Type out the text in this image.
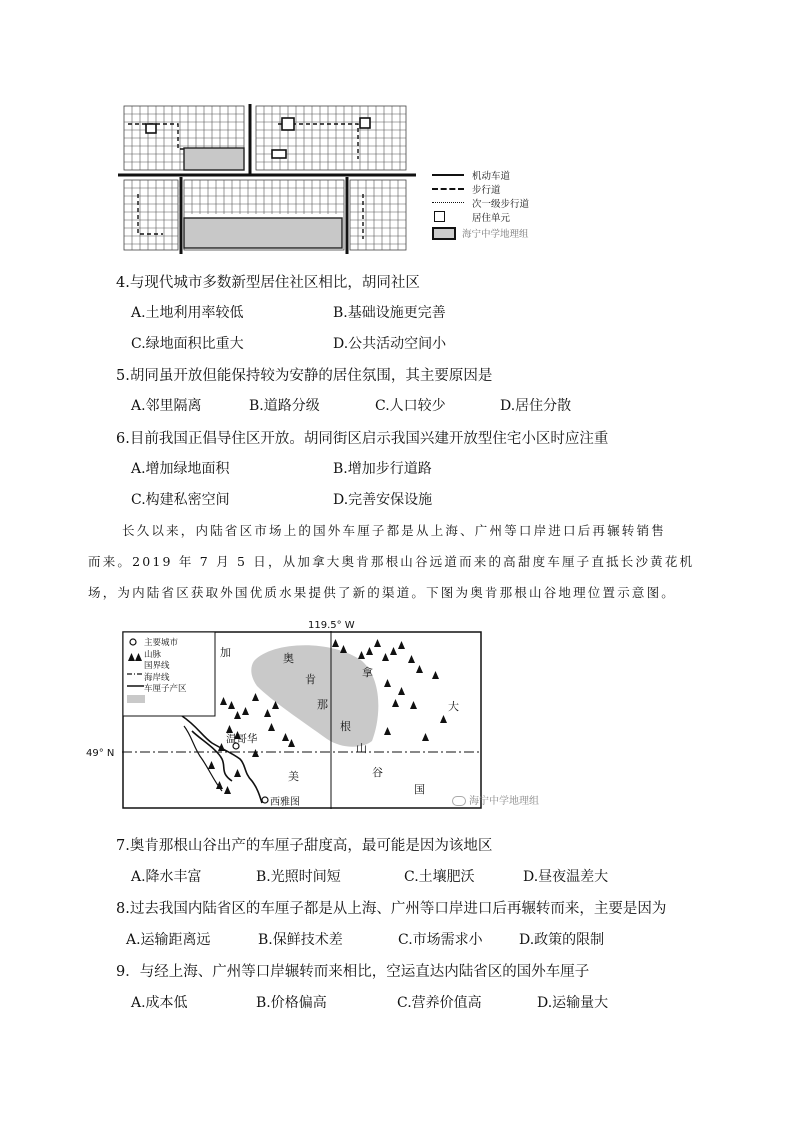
机动车道
步行道
次一级步行道
居住单元
海宁中学地理组
4.与现代城市多数新型居住社区相比，胡同社区
A.土地利用率较低	B.基础设施更完善
C.绿地面积比重大	D.公共活动空间小
5.胡同虽开放但能保持较为安静的居住氛围，其主要原因是
A.邻里隔离	B.道路分级	C.人口较少	D.居住分散
6.目前我国正倡导住区开放。胡同街区启示我国兴建开放型住宅小区时应注重
A.增加绿地面积	B.增加步行道路
C.构建私密空间	D.完善安保设施
长久以来，内陆省区市场上的国外车厘子都是从上海、广州等口岸进口后再辗转销售
而来。2019 年 7 月 5 日，从加拿大奥肯那根山谷远道而来的高甜度车厘子直抵长沙黄花机
场，为内陆省区获取外国优质水果提供了新的渠道。下图为奥肯那根山谷地理位置示意图。
119.5° W
49° N
主要城市
山脉
国界线
海岸线
车厘子产区
加
拿
大
美
国
奥
肯
那
根
山
谷
温哥华
西雅图	海宁中学地理组
7.奥肯那根山谷出产的车厘子甜度高，最可能是因为该地区
A.降水丰富	B.光照时间短	C.土壤肥沃	D.昼夜温差大
8.过去我国内陆省区的车厘子都是从上海、广州等口岸进口后再辗转而来，主要是因为
A.运输距离远	B.保鲜技术差	C.市场需求小	D.政策的限制
9．与经上海、广州等口岸辗转而来相比，空运直达内陆省区的国外车厘子
A.成本低	B.价格偏高	C.营养价值高	D.运输量大
